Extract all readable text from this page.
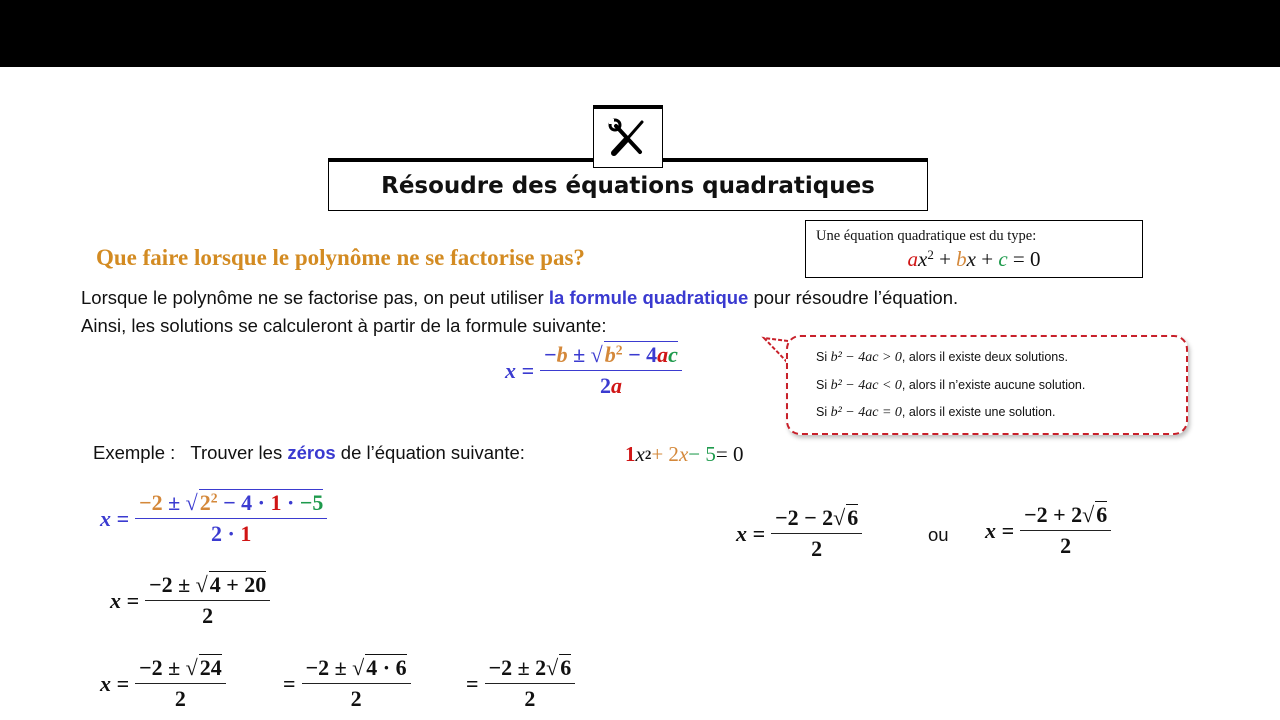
Résoudre des équations quadratiques
Que faire lorsque le polynôme ne se factorise pas?
Lorsque le polynôme ne se factorise pas, on peut utiliser la formule quadratique pour résoudre l’équation.
Ainsi, les solutions se calculeront à partir de la formule suivante:
Une équation quadratique est du type:
$ax^2$ + bx + c = 0
$x = \frac{-b \pm √b^2 - 4ac}{2a}$	Si b² − 4ac > 0, alors il existe deux solutions.
Si b² − 4ac < 0, alors il n’existe aucune solution.
Si b² − 4ac = 0, alors il existe une solution.
Exemple : Trouver les zéros de l’équation suivante:	1 x 2 + 2 x − 5 = 0
$x = \frac{-2 \pm √2^2 - 4 \cdot 1 \cdot -5}{2 \cdot 1}$
$x = \frac{-2 \pm √4 + 20}{2}$
$x = \frac{-2 \pm √24}{2}$	= $\frac{-2 \pm √4 \cdot 6}{2}$	= $\frac{-2 \pm 2√6}{2}$
$x = \frac{-2 - 2√6}{2}$	ou $x = \frac{-2 + 2√6}{2}$
